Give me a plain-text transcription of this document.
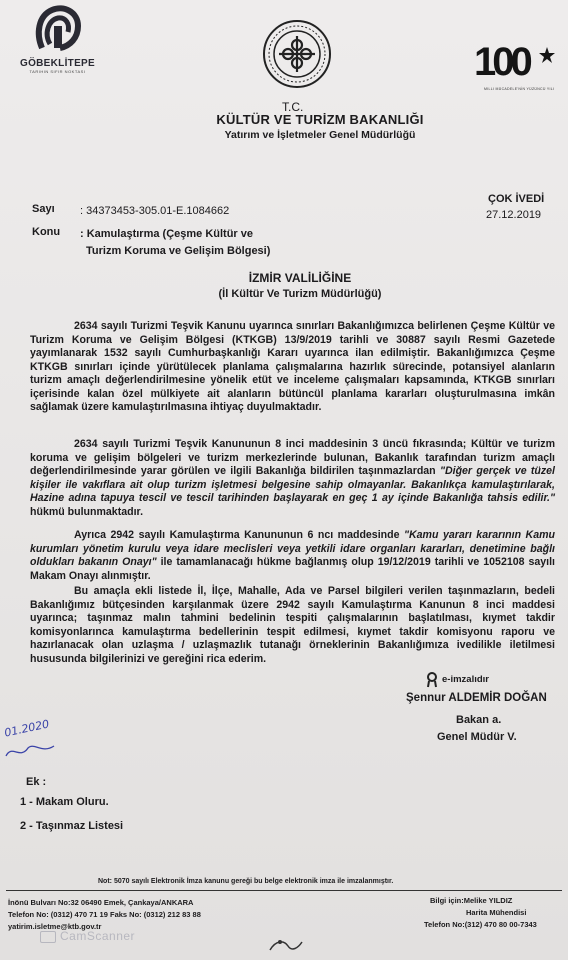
GÖBEKLİTEPE
TARIHIN SIFIR NOKTASI	100
MILLI MÜCADELE'NİN YÜZÜNCÜ YILI
T.C.
KÜLTÜR VE TURİZM BAKANLIĞI
Yatırım ve İşletmeler Genel Müdürlüğü
Sayı : 34373453-305.01-E.1084662
ÇOK İVEDİ
27.12.2019
Konu : Kamulaştırma (Çeşme Kültür ve
Turizm Koruma ve Gelişim Bölgesi)
İZMİR VALİLİĞİNE
(İl Kültür Ve Turizm Müdürlüğü)
2634 sayılı Turizmi Teşvik Kanunu uyarınca sınırları Bakanlığımızca belirlenen Çeşme Kültür ve Turizm Koruma ve Gelişim Bölgesi (KTKGB) 13/9/2019 tarihli ve 30887 sayılı Resmi Gazetede yayımlanarak 1532 sayılı Cumhurbaşkanlığı Kararı uyarınca ilan edilmiştir. Bakanlığımızca Çeşme KTKGB sınırları içinde yürütülecek planlama çalışmalarına hazırlık sürecinde, potansiyel alanların turizm amaçlı değerlendirilmesine yönelik etüt ve inceleme çalışmaları kapsamında, KTKGB sınırları içerisinde kalan özel mülkiyete ait alanların bütüncül planlama kararları oluşturulmasına imkân sağlamak üzere kamulaştırılmasına ihtiyaç duyulmaktadır.
2634 sayılı Turizmi Teşvik Kanununun 8 inci maddesinin 3 üncü fıkrasında; Kültür ve turizm koruma ve gelişim bölgeleri ve turizm merkezlerinde bulunan, Bakanlık tarafından turizm amaçlı değerlendirilmesinde yarar görülen ve ilgili Bakanlığa bildirilen taşınmazlardan "Diğer gerçek ve tüzel kişiler ile vakıflara ait olup turizm işletmesi belgesine sahip olmayanlar. Bakanlıkça kamulaştırılarak, Hazine adına tapuya tescil ve tescil tarihinden başlayarak en geç 1 ay içinde Bakanlığa tahsis edilir." hükmü bulunmaktadır.
Ayrıca 2942 sayılı Kamulaştırma Kanununun 6 ncı maddesinde "Kamu yararı kararının Kamu kurumları yönetim kurulu veya idare meclisleri veya yetkili idare organları kararları, denetimine bağlı oldukları bakanın Onayı" ile tamamlanacağı hükme bağlanmış olup 19/12/2019 tarihli ve 1052108 sayılı Makam Onayı alınmıştır.
Bu amaçla ekli listede İl, İlçe, Mahalle, Ada ve Parsel bilgileri verilen taşınmazların, bedeli Bakanlığımız bütçesinden karşılanmak üzere 2942 sayılı Kamulaştırma Kanunun 8 inci maddesi uyarınca; taşınmaz malın tahmini bedelinin tespiti çalışmalarının başlatılması, kıymet takdir komisyonlarınca kamulaştırma bedellerinin tespit edilmesi, kıymet takdir komisyonu raporu ve hazırlanacak olan uzlaşma / uzlaşmazlık tutanağı örneklerinin Bakanlığımıza ivedilikle iletilmesi hususunda bilgilerinizi ve gereğini rica ederim.
e-imzalıdır
Şennur ALDEMİR DOĞAN
Bakan a.
Genel Müdür V.
01.2020
Ek :
1 - Makam Oluru.
2 - Taşınmaz Listesi
Not: 5070 sayılı Elektronik İmza kanunu gereği bu belge elektronik imza ile imzalanmıştır.
İnönü Bulvarı No:32 06490 Emek, Çankaya/ANKARA
Telefon No: (0312) 470 71 19 Faks No: (0312) 212 83 88
yatirim.isletme@ktb.gov.tr
Bilgi için:Melike YILDIZ
Harita Mühendisi
Telefon No:(312) 470 80 00-7343
CamScanner
